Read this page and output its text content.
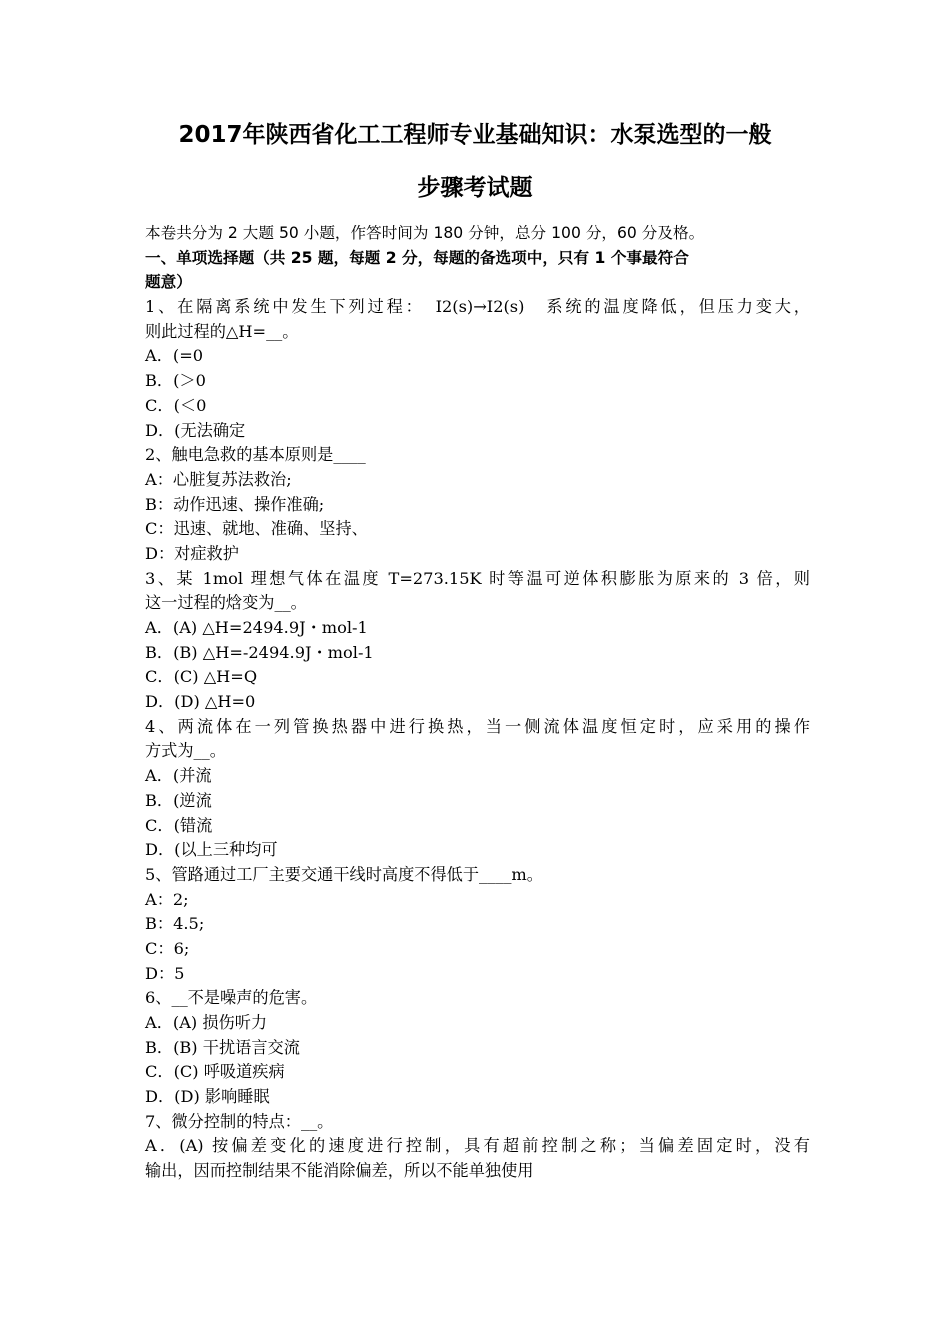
2017年陕西省化工工程师专业基础知识：水泵选型的一般
步骤考试题
本卷共分为 2 大题 50 小题，作答时间为 180 分钟，总分 100 分，60 分及格。
一、单项选择题（共 25 题，每题 2 分，每题的备选项中，只有 1 个事最符合
题意）
1、在隔离系统中发生下列过程：　I2(s)→I2(s)　系统的温度降低，但压力变大，
则此过程的△H=__。
A．(=0
B．(＞0
C．(＜0
D．(无法确定
2、触电急救的基本原则是____
A：心脏复苏法救治;
B：动作迅速、操作准确;
C：迅速、就地、准确、坚持、
D：对症救护
3、某 1mol 理想气体在温度 T=273.15K 时等温可逆体积膨胀为原来的 3 倍，则
这一过程的焓变为__。
A．(A) △H=2494.9J・mol-1
B．(B) △H=-2494.9J・mol-1
C．(C) △H=Q
D．(D) △H=0
4、两流体在一列管换热器中进行换热，当一侧流体温度恒定时，应采用的操作
方式为__。
A．(并流
B．(逆流
C．(错流
D．(以上三种均可
5、管路通过工厂主要交通干线时高度不得低于____m。
A：2;
B：4.5;
C：6;
D：5
6、__不是噪声的危害。
A．(A) 损伤听力
B．(B) 干扰语言交流
C．(C) 呼吸道疾病
D．(D) 影响睡眠
7、微分控制的特点：__。
A．(A) 按偏差变化的速度进行控制，具有超前控制之称；当偏差固定时，没有
输出，因而控制结果不能消除偏差，所以不能单独使用
